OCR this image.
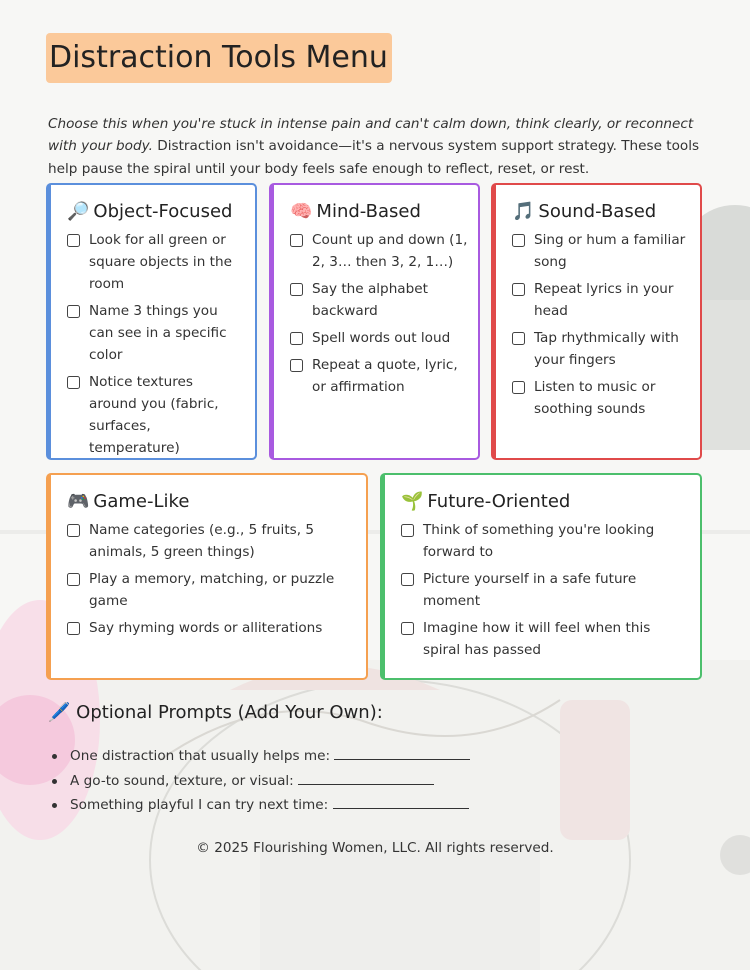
Distraction Tools Menu

Choose this when you're stuck in intense pain and can't calm down, think clearly, or reconnect with your body. Distraction isn't avoidance—it's a nervous system support strategy. These tools help pause the spiral until your body feels safe enough to reflect, reset, or rest.

🔎 Object-Focused
Look for all green or square objects in the room
Name 3 things you can see in a specific color
Notice textures around you (fabric, surfaces, temperature)
🧠 Mind-Based
Count up and down (1, 2, 3… then 3, 2, 1…)
Say the alphabet backward
Spell words out loud
Repeat a quote, lyric, or affirmation
🎵 Sound-Based
Sing or hum a familiar song
Repeat lyrics in your head
Tap rhythmically with your fingers
Listen to music or soothing sounds
🎮 Game-Like
Name categories (e.g., 5 fruits, 5 animals, 5 green things)
Play a memory, matching, or puzzle game
Say rhyming words or alliterations
🌱 Future-Oriented
Think of something you're looking forward to
Picture yourself in a safe future moment
Imagine how it will feel when this spiral has passed
🖊️ Optional Prompts (Add Your Own):
One distraction that usually helps me:
A go-to sound, texture, or visual:
Something playful I can try next time:
© 2025 Flourishing Women, LLC. All rights reserved.
